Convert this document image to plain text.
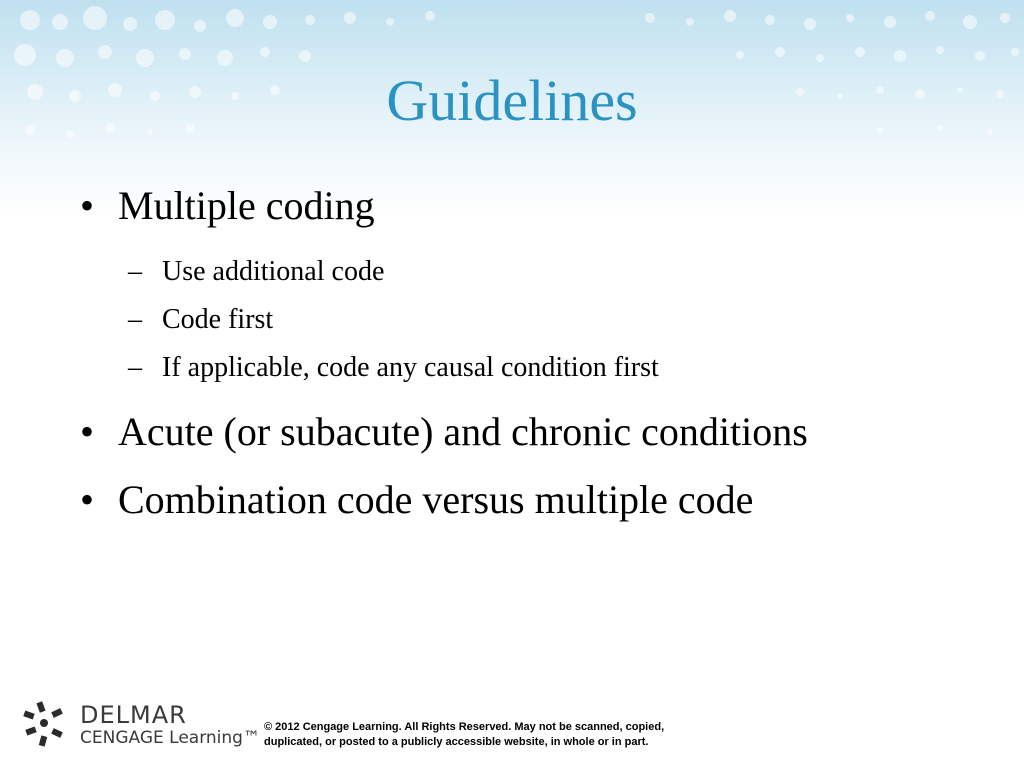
Guidelines
• Multiple coding
– Use additional code
– Code first
– If applicable, code any causal condition first
• Acute (or subacute) and chronic conditions
• Combination code versus multiple code
DELMAR
CENGAGE Learning™
© 2012 Cengage Learning. All Rights Reserved. May not be scanned, copied,
duplicated, or posted to a publicly accessible website, in whole or in part.
